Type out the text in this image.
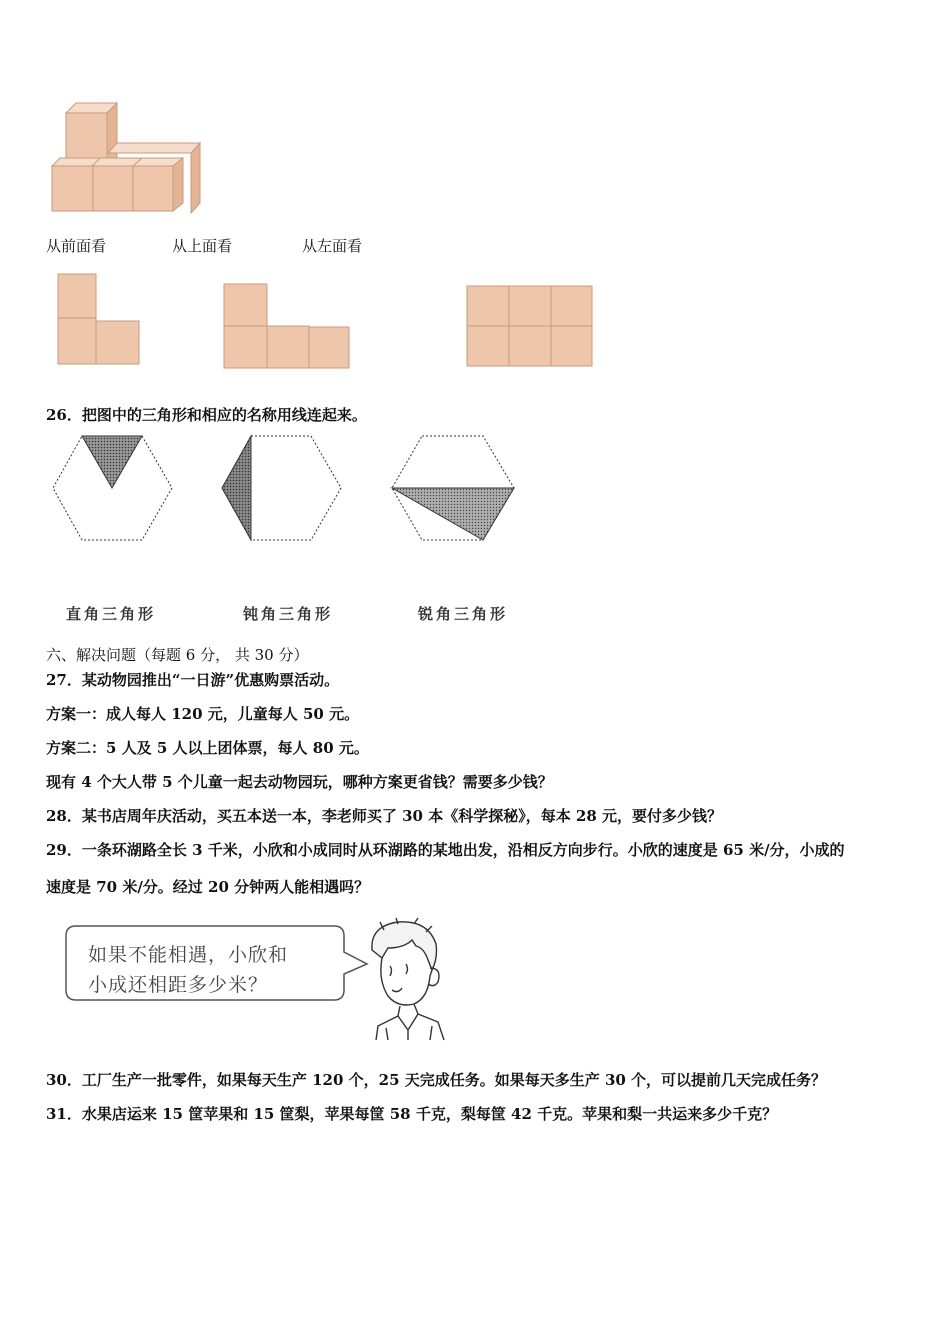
从前面看	从上面看	从左面看
26．把图中的三角形和相应的名称用线连起来。
直角三角形	钝角三角形	锐角三角形
六、解决问题（每题 6 分， 共 30 分）
27．某动物园推出“一日游”优惠购票活动。
方案一：成人每人 120 元，儿童每人 50 元。
方案二：5 人及 5 人以上团体票，每人 80 元。
现有 4 个大人带 5 个儿童一起去动物园玩，哪种方案更省钱？需要多少钱？
28．某书店周年庆活动，买五本送一本，李老师买了 30 本《科学探秘》，每本 28 元，要付多少钱？
29．一条环湖路全长 3 千米，小欣和小成同时从环湖路的某地出发，沿相反方向步行。小欣的速度是 65 米/分，小成的
速度是 70 米/分。经过 20 分钟两人能相遇吗？
如果不能相遇，小欣和
小成还相距多少米？
30．工厂生产一批零件，如果每天生产 120 个，25 天完成任务。如果每天多生产 30 个，可以提前几天完成任务？
31．水果店运来 15 筐苹果和 15 筐梨，苹果每筐 58 千克，梨每筐 42 千克。苹果和梨一共运来多少千克？
